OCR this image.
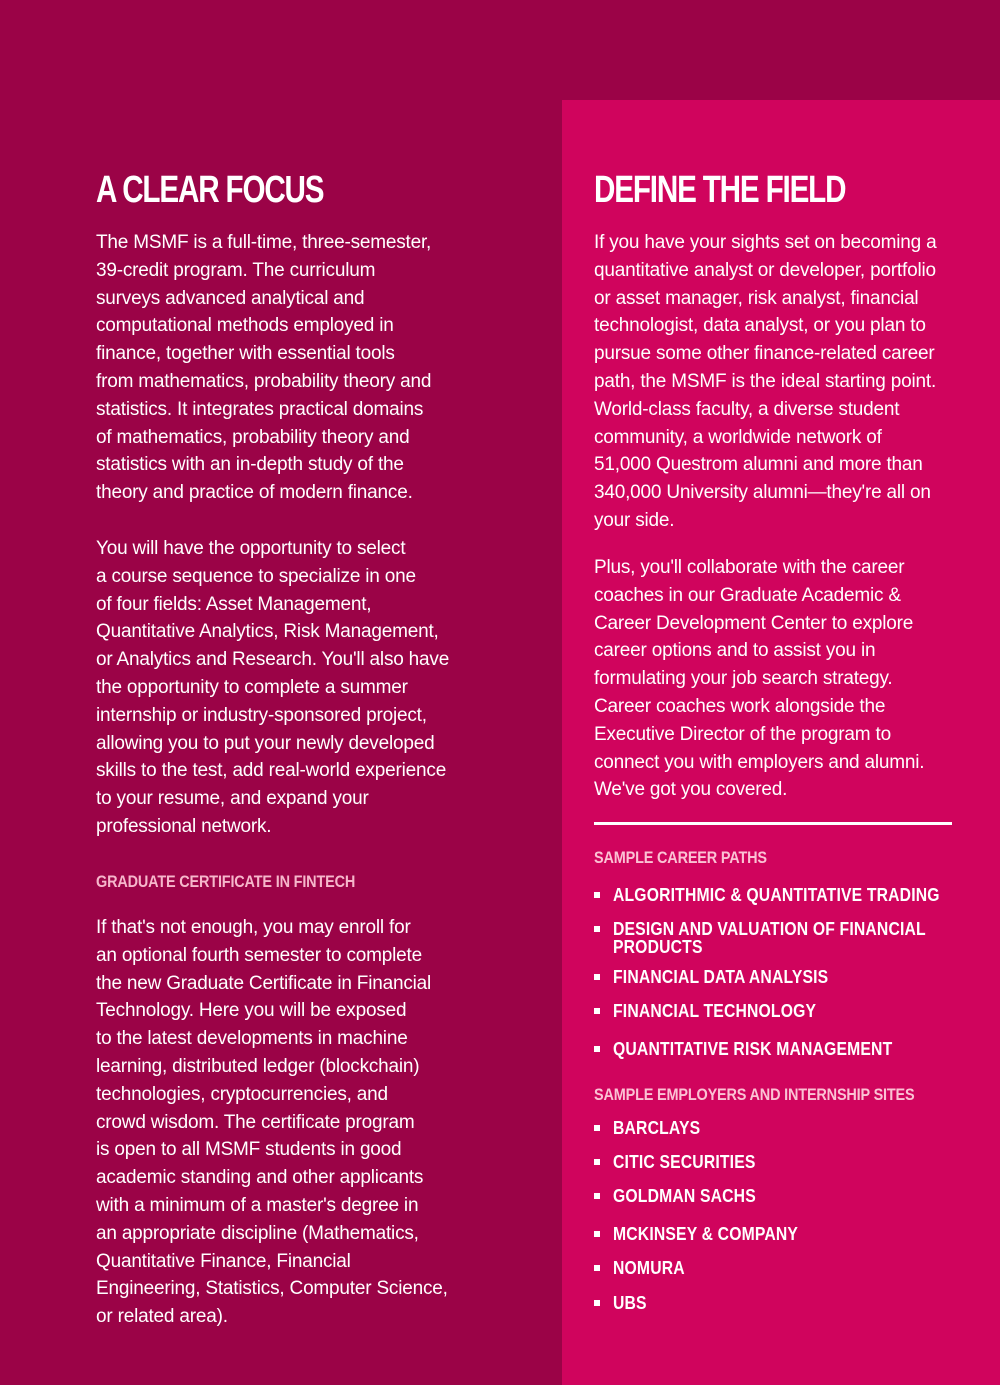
A CLEAR FOCUS

The MSMF is a full-time, three-semester,
39-credit program. The curriculum
surveys advanced analytical and
computational methods employed in
finance, together with essential tools
from mathematics, probability theory and
statistics. It integrates practical domains
of mathematics, probability theory and
statistics with an in-depth study of the
theory and practice of modern finance.

You will have the opportunity to select
a course sequence to specialize in one
of four fields: Asset Management,
Quantitative Analytics, Risk Management,
or Analytics and Research. You'll also have
the opportunity to complete a summer
internship or industry-sponsored project,
allowing you to put your newly developed
skills to the test, add real-world experience
to your resume, and expand your
professional network.

GRADUATE CERTIFICATE IN FINTECH

If that's not enough, you may enroll for
an optional fourth semester to complete
the new Graduate Certificate in Financial
Technology. Here you will be exposed
to the latest developments in machine
learning, distributed ledger (blockchain)
technologies, cryptocurrencies, and
crowd wisdom. The certificate program
is open to all MSMF students in good
academic standing and other applicants
with a minimum of a master's degree in
an appropriate discipline (Mathematics,
Quantitative Finance, Financial
Engineering, Statistics, Computer Science,
or related area).

DEFINE THE FIELD

If you have your sights set on becoming a
quantitative analyst or developer, portfolio
or asset manager, risk analyst, financial
technologist, data analyst, or you plan to
pursue some other finance-related career
path, the MSMF is the ideal starting point.
World-class faculty, a diverse student
community, a worldwide network of
51,000 Questrom alumni and more than
340,000 University alumni—they're all on
your side.

Plus, you'll collaborate with the career
coaches in our Graduate Academic &
Career Development Center to explore
career options and to assist you in
formulating your job search strategy.
Career coaches work alongside the
Executive Director of the program to
connect you with employers and alumni.
We've got you covered.

SAMPLE CAREER PATHS
ALGORITHMIC & QUANTITATIVE TRADING
DESIGN AND VALUATION OF FINANCIAL
PRODUCTS
FINANCIAL DATA ANALYSIS
FINANCIAL TECHNOLOGY
QUANTITATIVE RISK MANAGEMENT
SAMPLE EMPLOYERS AND INTERNSHIP SITES
BARCLAYS
CITIC SECURITIES
GOLDMAN SACHS
MCKINSEY & COMPANY
NOMURA
UBS
